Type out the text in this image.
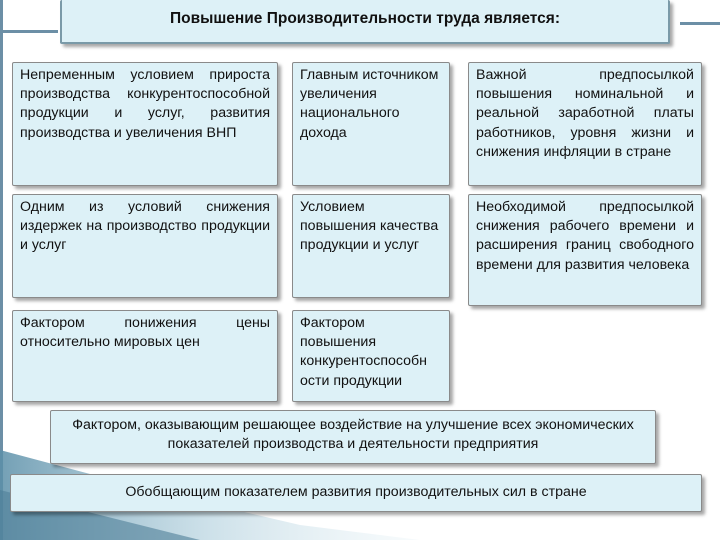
Повышение Производительности труда является:
Непременным условием прироста производства конкурентоспособной продукции и услуг, развития производства и увеличения ВНП
Главным источником увеличения национального дохода
Важной предпосылкой повышения номинальной и реальной заработной платы работников, уровня жизни и снижения инфляции в стране
Одним из условий снижения издержек на производство продукции и услуг
Условием повышения качества продукции и услуг
Необходимой предпосылкой снижения рабочего времени и расширения границ свободного времени для развития человека
Фактором понижения цены относительно мировых цен
Фактором повышения конкурентоспособн ости продукции
Фактором, оказывающим решающее воздействие на улучшение всех экономических показателей производства и деятельности предприятия
Обобщающим показателем развития производительных сил в стране
